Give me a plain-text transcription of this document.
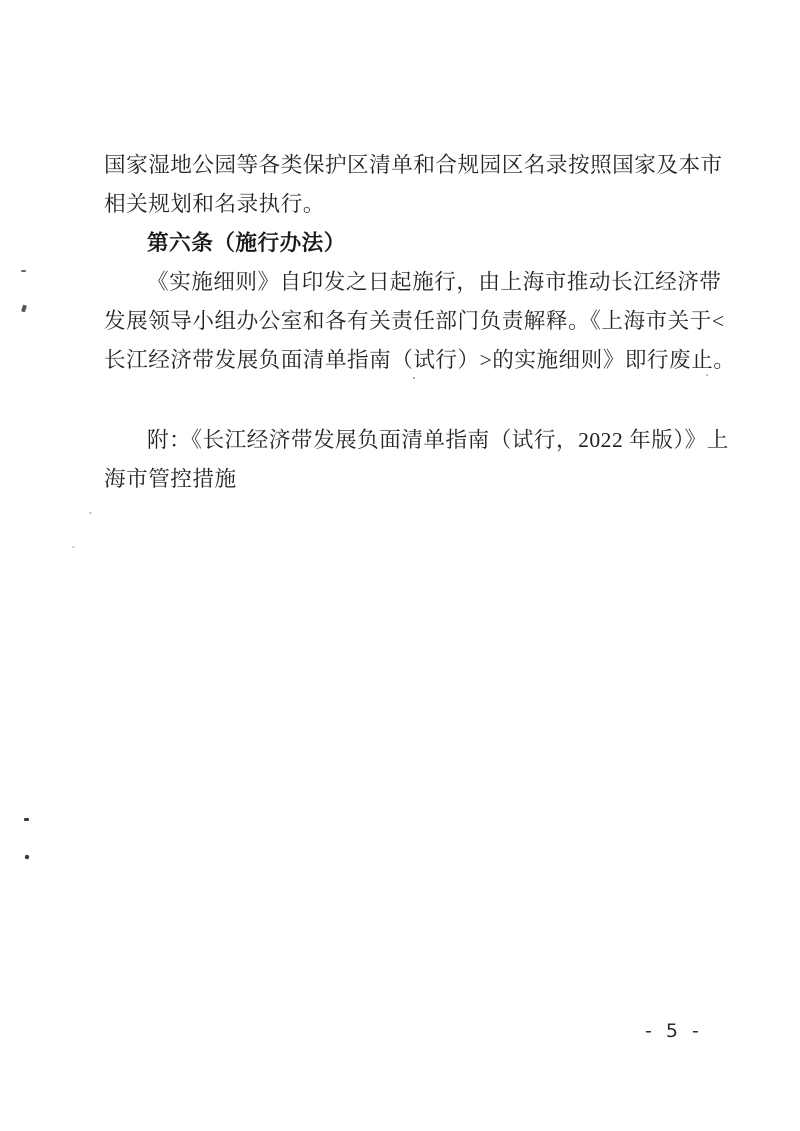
国家湿地公园等各类保护区清单和合规园区名录按照国家及本市
相关规划和名录执行。
第六条（施行办法）
《实施细则》自印发之日起施行，由上海市推动长江经济带
发展领导小组办公室和各有关责任部门负责解释。《上海市关于<
长江经济带发展负面清单指南（试行）>的实施细则》即行废止。
附：《长江经济带发展负面清单指南（试行，2022 年版）》上
海市管控措施
- 5 -
